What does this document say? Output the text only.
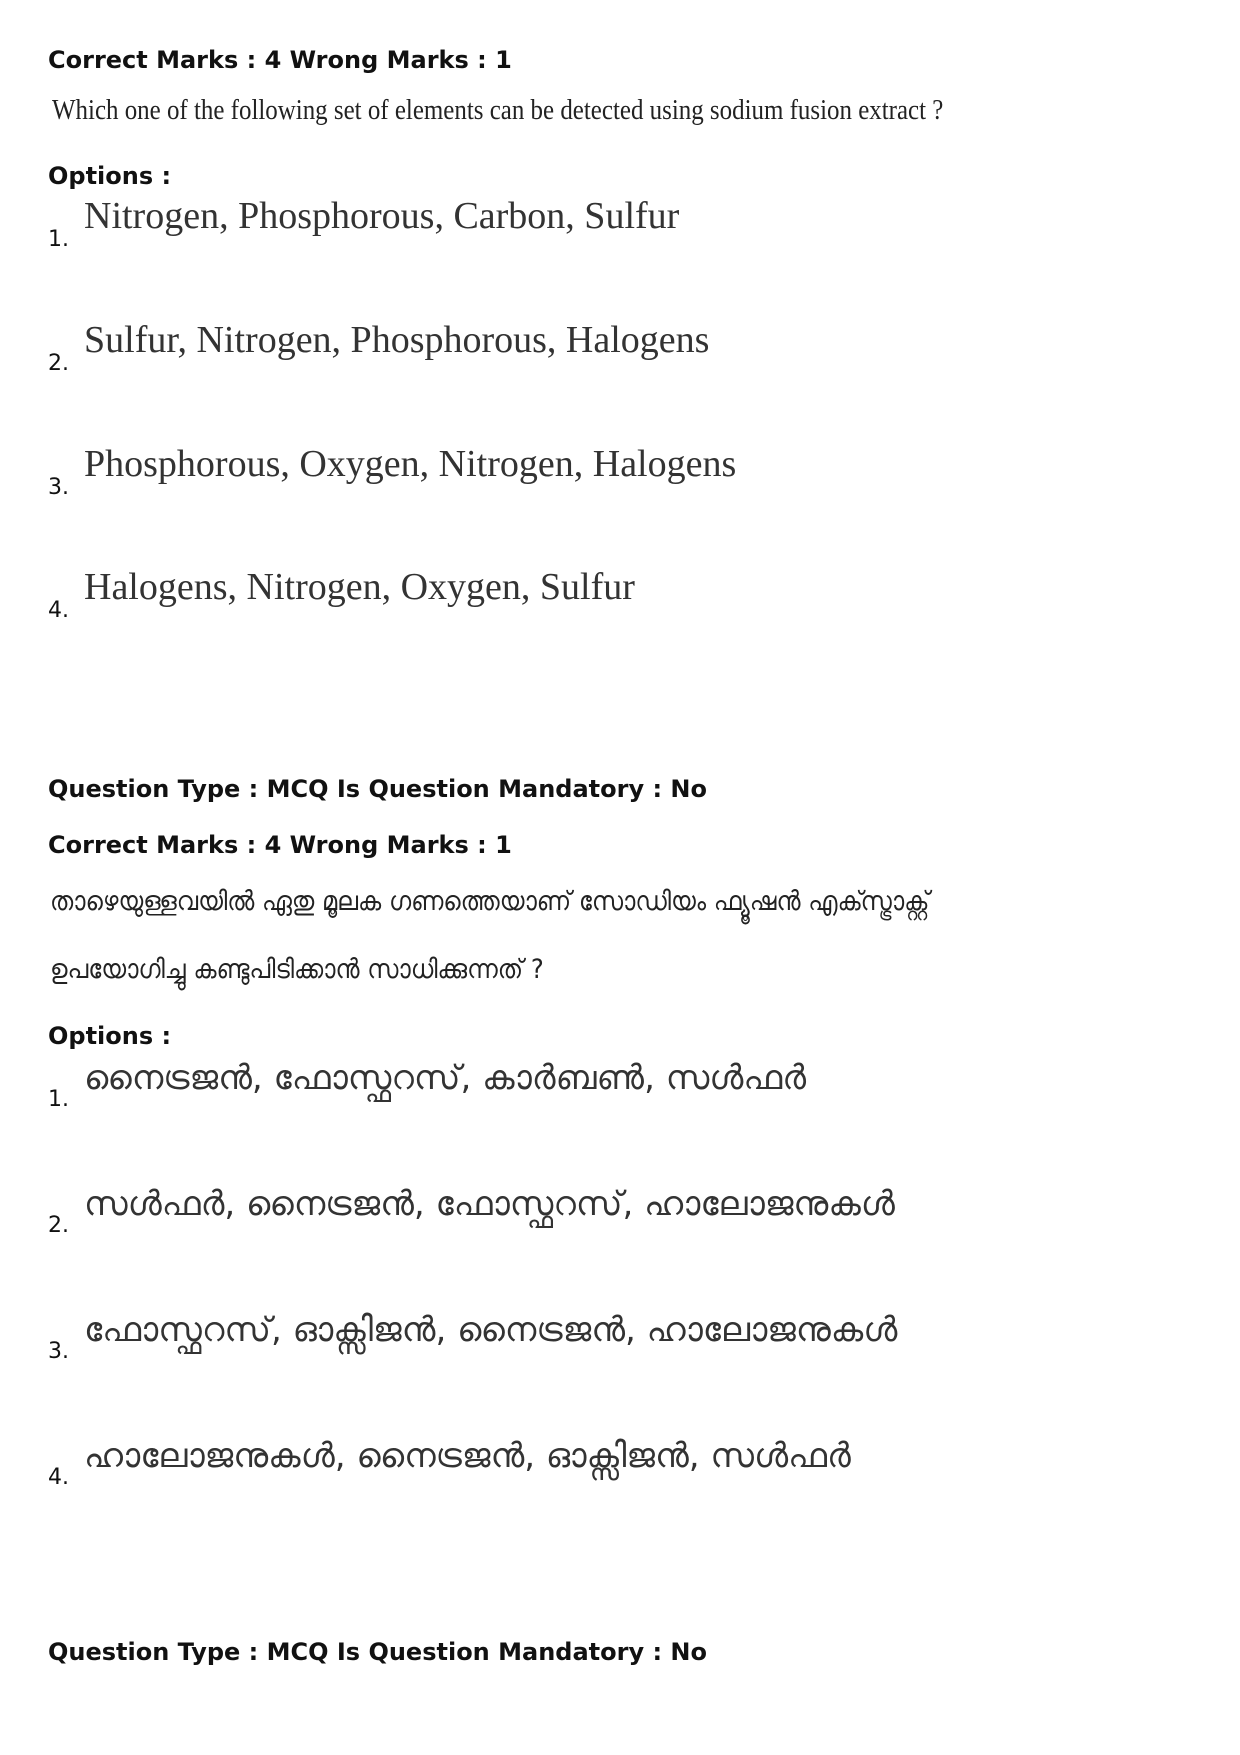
Correct Marks : 4 Wrong Marks : 1
Which one of the following set of elements can be detected using sodium fusion extract ?
Options :
1.Nitrogen, Phosphorous, Carbon, Sulfur
2.Sulfur, Nitrogen, Phosphorous, Halogens
3.Phosphorous, Oxygen, Nitrogen, Halogens
4.Halogens, Nitrogen, Oxygen, Sulfur
Question Type : MCQ Is Question Mandatory : No
Correct Marks : 4 Wrong Marks : 1
താഴെയുള്ളവയിൽ ഏതു മൂലക ഗണത്തെയാണ് സോഡിയം ഫ്യൂഷൻ എക്സ്ട്രാക്റ്റ്
ഉപയോഗിച്ചു കണ്ടുപിടിക്കാൻ സാധിക്കുന്നത് ?
Options :
1.നൈട്രജൻ, ഫോസ്ഫറസ്, കാർബൺ, സൾഫർ
2.സൾഫർ, നൈട്രജൻ, ഫോസ്ഫറസ്, ഹാലോജനുകൾ
3.ഫോസ്ഫറസ്, ഓക്സിജൻ, നൈട്രജൻ, ഹാലോജനുകൾ
4.ഹാലോജനുകൾ, നൈട്രജൻ, ഓക്സിജൻ, സൾഫർ
Question Type : MCQ Is Question Mandatory : No
